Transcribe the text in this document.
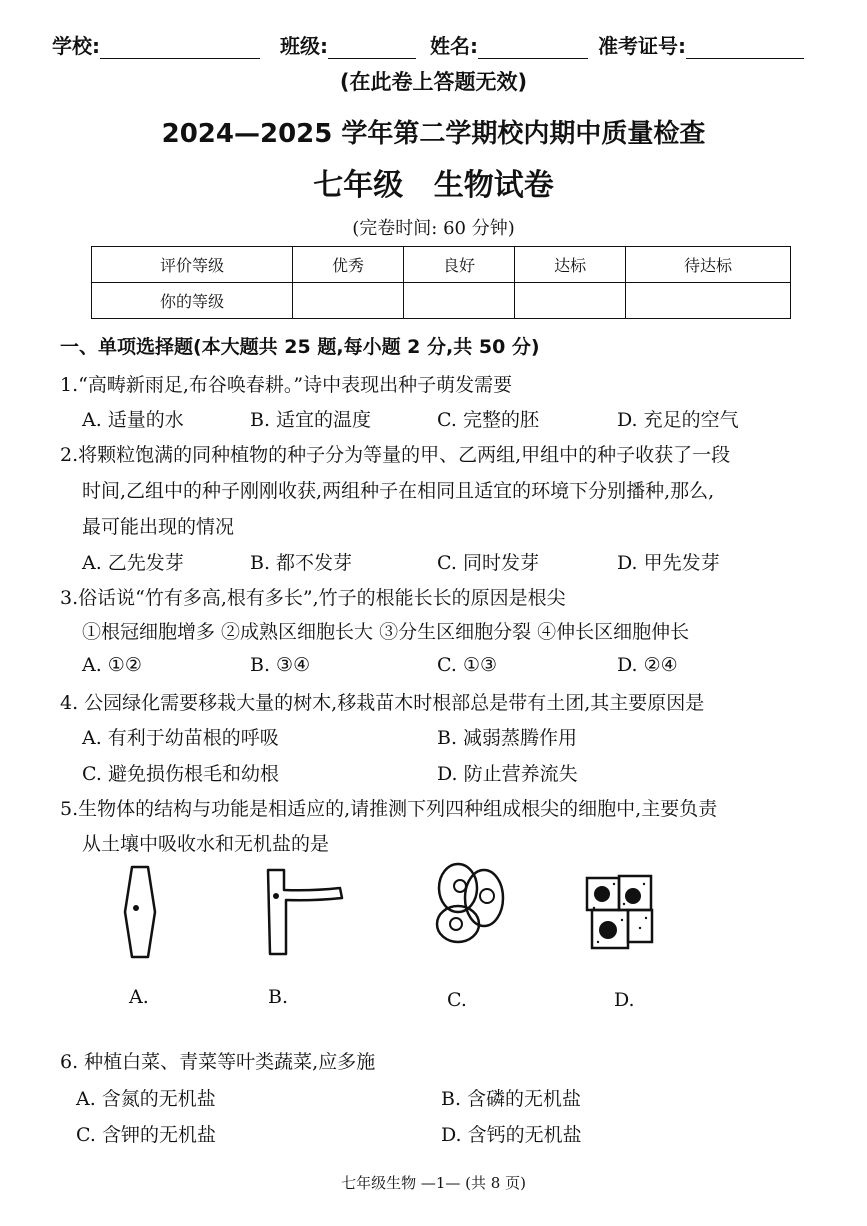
学校:	班级:	姓名:	准考证号:
(在此卷上答题无效)
2024—2025 学年第二学期校内期中质量检查
七年级 生物试卷
(完卷时间: 60 分钟)
评价等级	优秀	良好	达标	待达标
你的等级				
一、单项选择题(本大题共 25 题,每小题 2 分,共 50 分)
1.“高畴新雨足,布谷唤春耕。”诗中表现出种子萌发需要
A. 适量的水	B. 适宜的温度	C. 完整的胚	D. 充足的空气
2.将颗粒饱满的同种植物的种子分为等量的甲、乙两组,甲组中的种子收获了一段
时间,乙组中的种子刚刚收获,两组种子在相同且适宜的环境下分别播种,那么,
最可能出现的情况
A. 乙先发芽	B. 都不发芽	C. 同时发芽	D. 甲先发芽
3.俗话说“竹有多高,根有多长”,竹子的根能长长的原因是根尖
①根冠细胞增多 ②成熟区细胞长大 ③分生区细胞分裂 ④伸长区细胞伸长
A. ①②	B. ③④	C. ①③	D. ②④
4. 公园绿化需要移栽大量的树木,移栽苗木时根部总是带有土团,其主要原因是
A. 有利于幼苗根的呼吸	B. 减弱蒸腾作用
C. 避免损伤根毛和幼根	D. 防止营养流失
5.生物体的结构与功能是相适应的,请推测下列四种组成根尖的细胞中,主要负责
从土壤中吸收水和无机盐的是
A.	B.	C.	D.
6. 种植白菜、青菜等叶类蔬菜,应多施
A. 含氮的无机盐	B. 含磷的无机盐
C. 含钾的无机盐	D. 含钙的无机盐
七年级生物 —1— (共 8 页)
